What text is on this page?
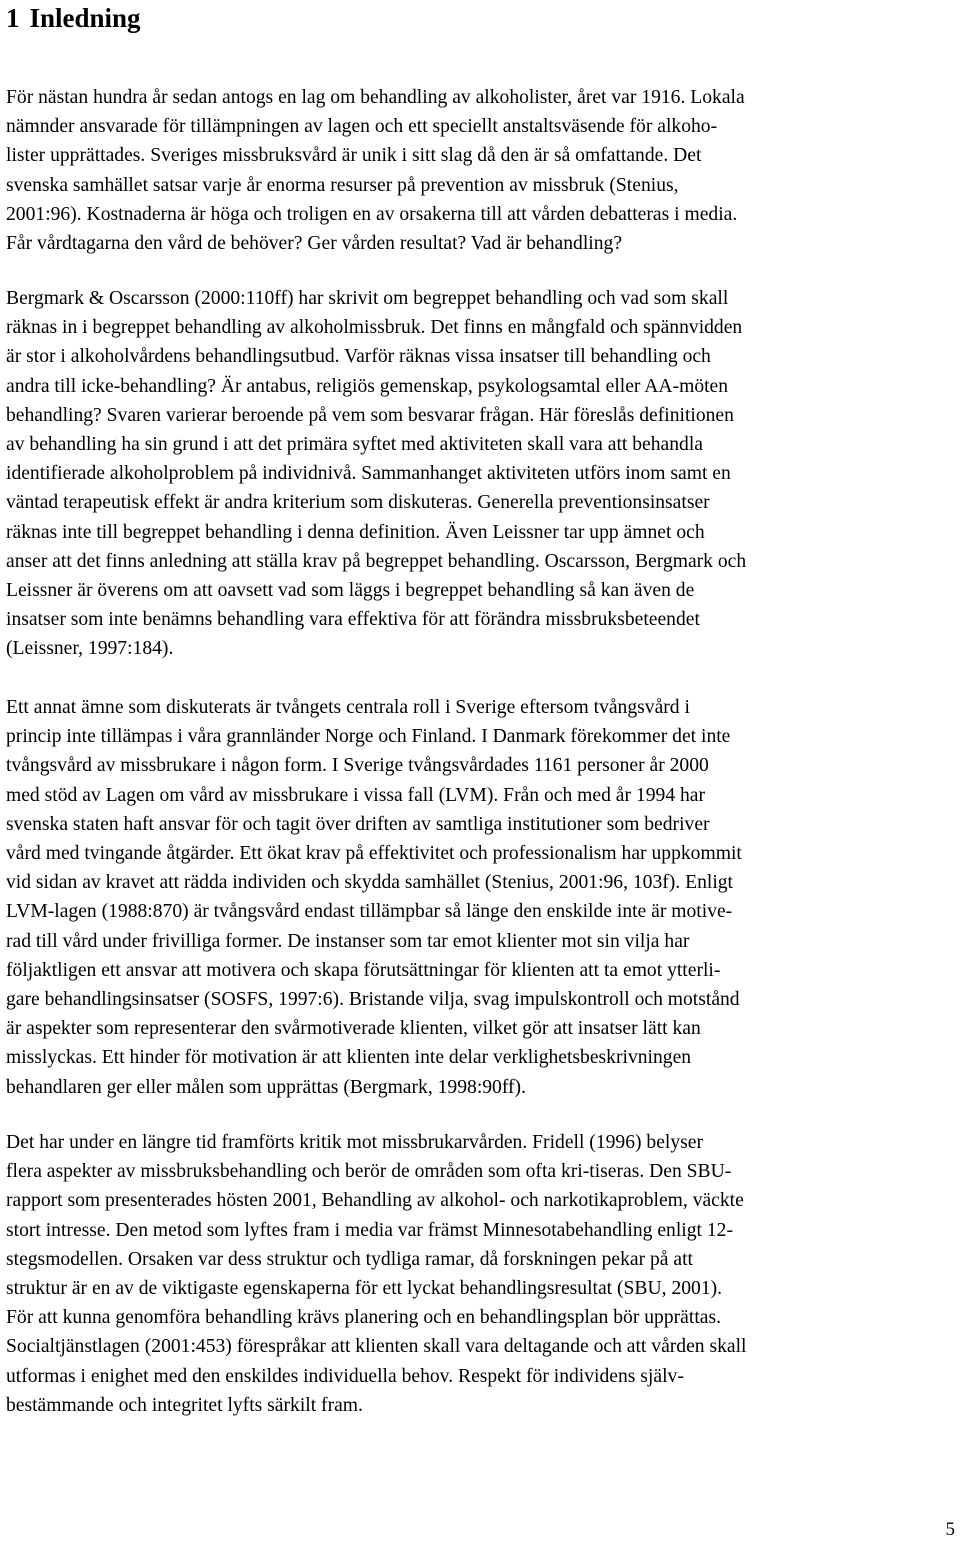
1 Inledning

För nästan hundra år sedan antogs en lag om behandling av alkoholister, året var 1916. Lokala
nämnder ansvarade för tillämpningen av lagen och ett speciellt anstaltsväsende för alkoho-
lister upprättades. Sveriges missbruksvård är unik i sitt slag då den är så omfattande. Det
svenska samhället satsar varje år enorma resurser på prevention av missbruk (Stenius,
2001:96). Kostnaderna är höga och troligen en av orsakerna till att vården debatteras i media.
Får vårdtagarna den vård de behöver? Ger vården resultat? Vad är behandling?

Bergmark & Oscarsson (2000:110ff) har skrivit om begreppet behandling och vad som skall
räknas in i begreppet behandling av alkoholmissbruk. Det finns en mångfald och spännvidden
är stor i alkoholvårdens behandlingsutbud. Varför räknas vissa insatser till behandling och
andra till icke-behandling? Är antabus, religiös gemenskap, psykologsamtal eller AA-möten
behandling? Svaren varierar beroende på vem som besvarar frågan. Här föreslås definitionen
av behandling ha sin grund i att det primära syftet med aktiviteten skall vara att behandla
identifierade alkoholproblem på individnivå. Sammanhanget aktiviteten utförs inom samt en
väntad terapeutisk effekt är andra kriterium som diskuteras. Generella preventionsinsatser
räknas inte till begreppet behandling i denna definition. Även Leissner tar upp ämnet och
anser att det finns anledning att ställa krav på begreppet behandling. Oscarsson, Bergmark och
Leissner är överens om att oavsett vad som läggs i begreppet behandling så kan även de
insatser som inte benämns behandling vara effektiva för att förändra missbruksbeteendet
(Leissner, 1997:184).

Ett annat ämne som diskuterats är tvångets centrala roll i Sverige eftersom tvångsvård i
princip inte tillämpas i våra grannländer Norge och Finland. I Danmark förekommer det inte
tvångsvård av missbrukare i någon form. I Sverige tvångsvårdades 1161 personer år 2000
med stöd av Lagen om vård av missbrukare i vissa fall (LVM). Från och med år 1994 har
svenska staten haft ansvar för och tagit över driften av samtliga institutioner som bedriver
vård med tvingande åtgärder. Ett ökat krav på effektivitet och professionalism har uppkommit
vid sidan av kravet att rädda individen och skydda samhället (Stenius, 2001:96, 103f). Enligt
LVM-lagen (1988:870) är tvångsvård endast tillämpbar så länge den enskilde inte är motive-
rad till vård under frivilliga former. De instanser som tar emot klienter mot sin vilja har
följaktligen ett ansvar att motivera och skapa förutsättningar för klienten att ta emot ytterli-
gare behandlingsinsatser (SOSFS, 1997:6). Bristande vilja, svag impulskontroll och motstånd
är aspekter som representerar den svårmotiverade klienten, vilket gör att insatser lätt kan
misslyckas. Ett hinder för motivation är att klienten inte delar verklighetsbeskrivningen
behandlaren ger eller målen som upprättas (Bergmark, 1998:90ff).

Det har under en längre tid framförts kritik mot missbrukarvården. Fridell (1996) belyser
flera aspekter av missbruksbehandling och berör de områden som ofta kri-tiseras. Den SBU-
rapport som presenterades hösten 2001, Behandling av alkohol- och narkotikaproblem, väckte
stort intresse. Den metod som lyftes fram i media var främst Minnesotabehandling enligt 12-
stegsmodellen. Orsaken var dess struktur och tydliga ramar, då forskningen pekar på att
struktur är en av de viktigaste egenskaperna för ett lyckat behandlingsresultat (SBU, 2001).
För att kunna genomföra behandling krävs planering och en behandlingsplan bör upprättas.
Socialtjänstlagen (2001:453) förespråkar att klienten skall vara deltagande och att vården skall
utformas i enighet med den enskildes individuella behov. Respekt för individens själv-
bestämmande och integritet lyfts särkilt fram.

5
